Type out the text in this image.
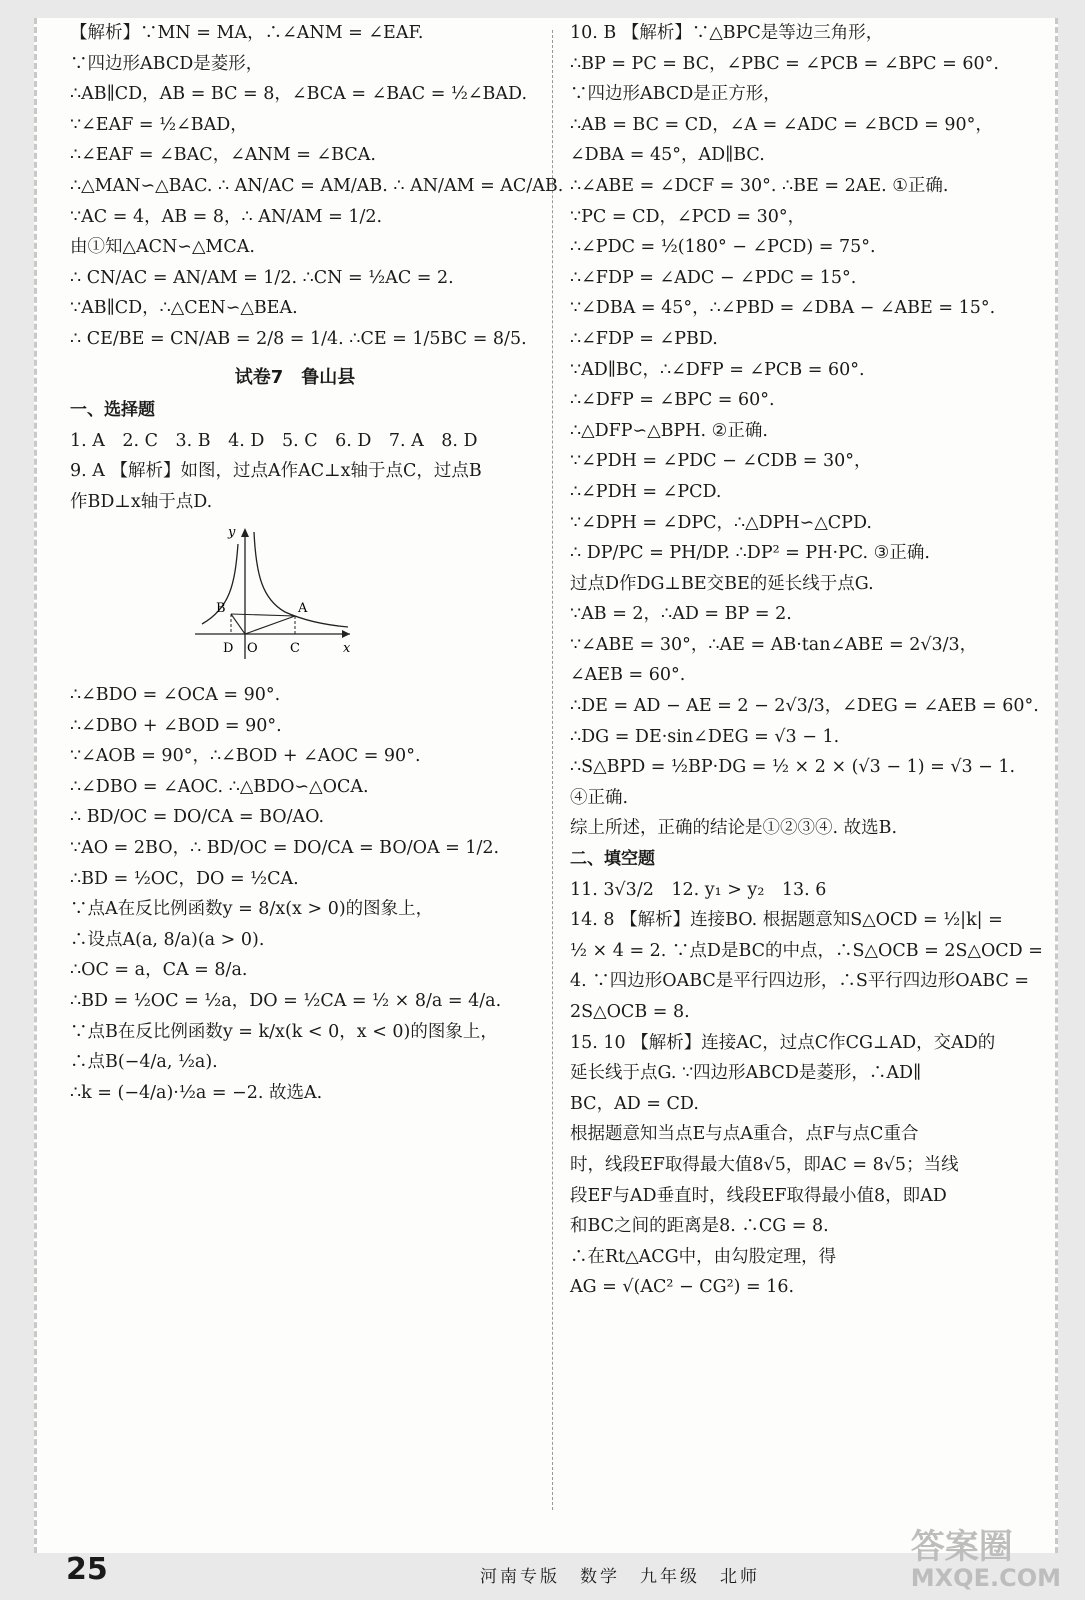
【解析】∵MN = MA，∴∠ANM = ∠EAF.
∵四边形ABCD是菱形，
∴AB∥CD，AB = BC = 8，∠BCA = ∠BAC = ½∠BAD.
∵∠EAF = ½∠BAD，
∴∠EAF = ∠BAC，∠ANM = ∠BCA.
∴△MAN∽△BAC. ∴ AN/AC = AM/AB. ∴ AN/AM = AC/AB.
∵AC = 4，AB = 8，∴ AN/AM = 1/2.
由①知△ACN∽△MCA.
∴ CN/AC = AN/AM = 1/2. ∴CN = ½AC = 2.
∵AB∥CD，∴△CEN∽△BEA.
∴ CE/BE = CN/AB = 2/8 = 1/4. ∴CE = 1/5BC = 8/5.
试卷7　鲁山县
一、选择题
1. A　2. C　3. B　4. D　5. C　6. D　7. A　8. D
9. A 【解析】如图，过点A作AC⊥x轴于点C，过点B
作BD⊥x轴于点D.
y
B	A
D O C	x
∴∠BDO = ∠OCA = 90°.
∴∠DBO + ∠BOD = 90°.
∵∠AOB = 90°，∴∠BOD + ∠AOC = 90°.
∴∠DBO = ∠AOC. ∴△BDO∽△OCA.
∴ BD/OC = DO/CA = BO/AO.
∵AO = 2BO，∴ BD/OC = DO/CA = BO/OA = 1/2.
∴BD = ½OC，DO = ½CA.
∵点A在反比例函数y = 8/x(x > 0)的图象上，
∴设点A(a, 8/a)(a > 0).
∴OC = a，CA = 8/a.
∴BD = ½OC = ½a，DO = ½CA = ½ × 8/a = 4/a.
∵点B在反比例函数y = k/x(k < 0，x < 0)的图象上，
∴点B(−4/a, ½a).
∴k = (−4/a)·½a = −2. 故选A.
10. B 【解析】∵△BPC是等边三角形，
∴BP = PC = BC，∠PBC = ∠PCB = ∠BPC = 60°.
∵四边形ABCD是正方形，
∴AB = BC = CD，∠A = ∠ADC = ∠BCD = 90°，
∠DBA = 45°，AD∥BC.
∴∠ABE = ∠DCF = 30°. ∴BE = 2AE. ①正确.
∵PC = CD，∠PCD = 30°，
∴∠PDC = ½(180° − ∠PCD) = 75°.
∴∠FDP = ∠ADC − ∠PDC = 15°.
∵∠DBA = 45°，∴∠PBD = ∠DBA − ∠ABE = 15°.
∴∠FDP = ∠PBD.
∵AD∥BC，∴∠DFP = ∠PCB = 60°.
∴∠DFP = ∠BPC = 60°.
∴△DFP∽△BPH. ②正确.
∵∠PDH = ∠PDC − ∠CDB = 30°，
∴∠PDH = ∠PCD.
∵∠DPH = ∠DPC，∴△DPH∽△CPD.
∴ DP/PC = PH/DP. ∴DP² = PH·PC. ③正确.
过点D作DG⊥BE交BE的延长线于点G.
∵AB = 2，∴AD = BP = 2.
∵∠ABE = 30°，∴AE = AB·tan∠ABE = 2√3/3，
∠AEB = 60°.
∴DE = AD − AE = 2 − 2√3/3，∠DEG = ∠AEB = 60°.
∴DG = DE·sin∠DEG = √3 − 1.
∴S△BPD = ½BP·DG = ½ × 2 × (√3 − 1) = √3 − 1.
④正确.
综上所述，正确的结论是①②③④. 故选B.
二、填空题
11. 3√3/2　12. y₁ > y₂　13. 6
14. 8 【解析】连接BO. 根据题意知S△OCD = ½|k| =
½ × 4 = 2. ∵点D是BC的中点，∴S△OCB = 2S△OCD =
4. ∵四边形OABC是平行四边形，∴S平行四边形OABC =
2S△OCB = 8.
15. 10 【解析】连接AC，过点C作CG⊥AD，交AD的
延长线于点G. ∵四边形ABCD是菱形，∴AD∥
BC，AD = CD.
根据题意知当点E与点A重合，点F与点C重合
时，线段EF取得最大值8√5，即AC = 8√5；当线
段EF与AD垂直时，线段EF取得最小值8，即AD
和BC之间的距离是8. ∴CG = 8.
∴在Rt△ACG中，由勾股定理，得
AG = √(AC² − CG²) = 16.
25	河南专版　数学　九年级　北师
答案圈
MXQE.COM
